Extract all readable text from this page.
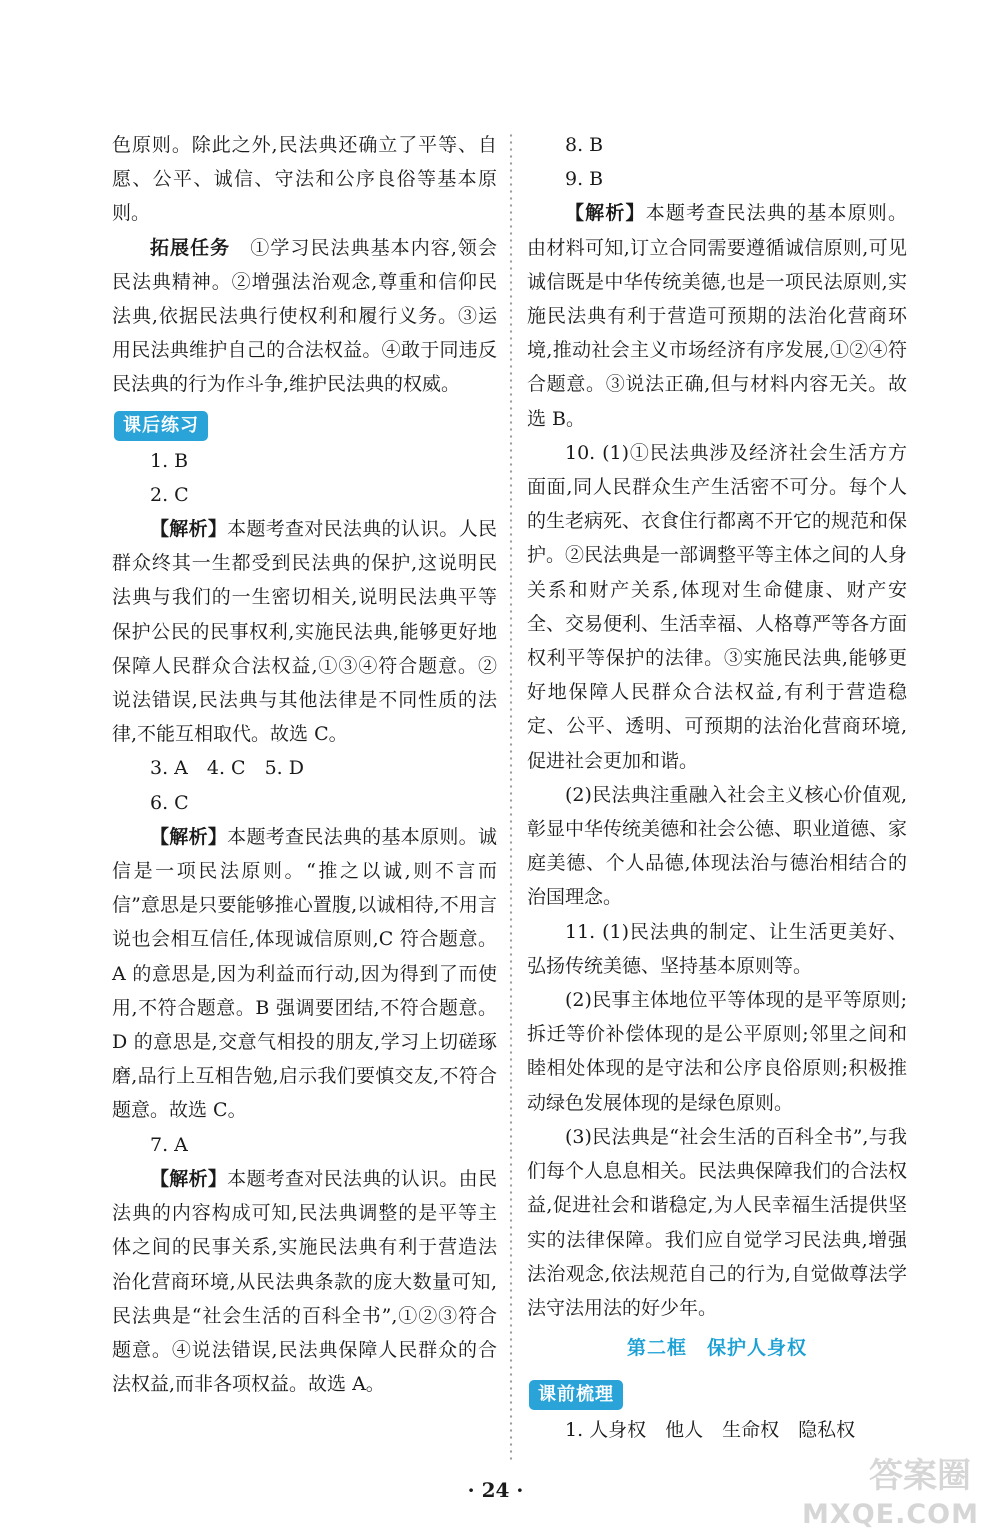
色原则。除此之外,民法典还确立了平等、自愿、公平、诚信、守法和公序良俗等基本原则。

拓展任务　 ①学习民法典基本内容,领会民法典精神。②增强法治观念,尊重和信仰民法典,依据民法典行使权利和履行义务。③运用民法典维护自己的合法权益。④敢于同违反民法典的行为作斗争,维护民法典的权威。

课后练习

1. B

2. C

【解析】本题考查对民法典的认识。人民群众终其一生都受到民法典的保护,这说明民法典与我们的一生密切相关,说明民法典平等保护公民的民事权利,实施民法典,能够更好地保障人民群众合法权益,①③④符合题意。②说法错误,民法典与其他法律是不同性质的法律,不能互相取代。故选 C。

3. A　4. C　5. D

6. C

【解析】本题考查民法典的基本原则。诚信是一项民法原则。“推之以诚,则不言而信”意思是只要能够推心置腹,以诚相待,不用言说也会相互信任,体现诚信原则,C 符合题意。A 的意思是,因为利益而行动,因为得到了而使用,不符合题意。B 强调要团结,不符合题意。D 的意思是,交意气相投的朋友,学习上切磋琢磨,品行上互相告勉,启示我们要慎交友,不符合题意。故选 C。

7. A

【解析】本题考查对民法典的认识。由民法典的内容构成可知,民法典调整的是平等主体之间的民事关系,实施民法典有利于营造法治化营商环境,从民法典条款的庞大数量可知,民法典是“社会生活的百科全书”,①②③符合题意。④说法错误,民法典保障人民群众的合法权益,而非各项权益。故选 A。

8. B

9. B

【解析】本题考查民法典的基本原则。由材料可知,订立合同需要遵循诚信原则,可见诚信既是中华传统美德,也是一项民法原则,实施民法典有利于营造可预期的法治化营商环境,推动社会主义市场经济有序发展,①②④符合题意。③说法正确,但与材料内容无关。故选 B。

10. (1)①民法典涉及经济社会生活方方面面,同人民群众生产生活密不可分。每个人的生老病死、衣食住行都离不开它的规范和保护。②民法典是一部调整平等主体之间的人身关系和财产关系,体现对生命健康、财产安全、交易便利、生活幸福、人格尊严等各方面权利平等保护的法律。③实施民法典,能够更好地保障人民群众合法权益,有利于营造稳定、公平、透明、可预期的法治化营商环境,促进社会更加和谐。

(2)民法典注重融入社会主义核心价值观,彰显中华传统美德和社会公德、职业道德、家庭美德、个人品德,体现法治与德治相结合的治国理念。

11. (1)民法典的制定、让生活更美好、弘扬传统美德、坚持基本原则等。

(2)民事主体地位平等体现的是平等原则;拆迁等价补偿体现的是公平原则;邻里之间和睦相处体现的是守法和公序良俗原则;积极推动绿色发展体现的是绿色原则。

(3)民法典是“社会生活的百科全书”,与我们每个人息息相关。民法典保障我们的合法权益,促进社会和谐稳定,为人民幸福生活提供坚实的法律保障。我们应自觉学习民法典,增强法治观念,依法规范自己的行为,自觉做尊法学法守法用法的好少年。

第二框　保护人身权
课前梳理

1. 人身权　他人　生命权　隐私权

· 24 ·	答案圈
MXQE.COM
